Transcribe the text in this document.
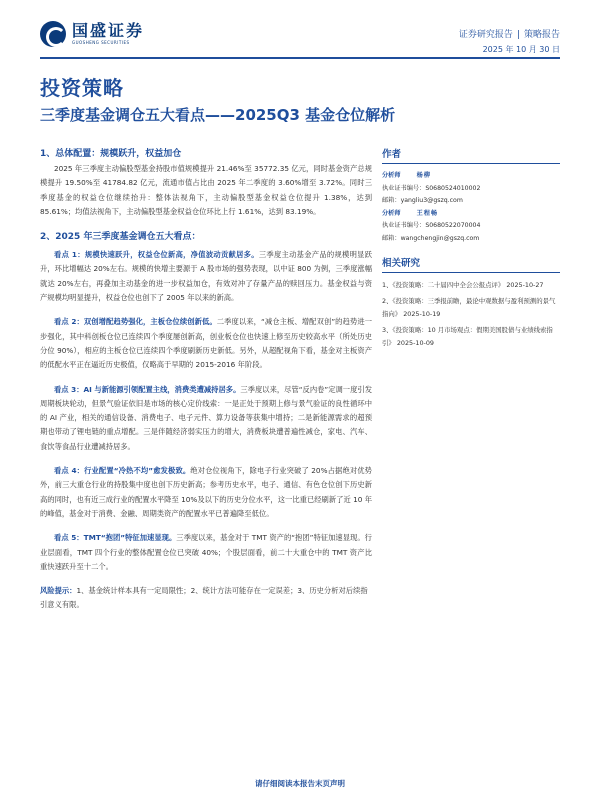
国盛证券
GUOSHENG SECURITIES
证券研究报告 | 策略报告
2025 年 10 月 30 日
投资策略
三季度基金调仓五大看点——2025Q3 基金仓位解析
1、总体配置：规模跃升，权益加仓

2025 年三季度主动偏股型基金持股市值规模提升 21.46%至 35772.35 亿元，同时基金资产总规模提升 19.50%至 41784.82 亿元，流通市值占比由 2025 年二季度的 3.60%增至 3.72%。同时三季度基金的权益仓位继续抬升：整体法视角下，主动偏股型基金权益仓位提升 1.38%，达到 85.61%；均值法视角下，主动偏股型基金权益仓位环比上行 1.61%，达到 83.19%。

2、2025 年三季度基金调仓五大看点：

看点 1：规模快速跃升，权益仓位新高，净值波动贡献居多。三季度主动基金产品的规模明显跃升，环比增幅达 20%左右。规模的快增主要源于 A 股市场的强势表现，以中证 800 为例，三季度涨幅就达 20%左右，再叠加主动基金的进一步权益加仓，有效对冲了存量产品的赎回压力。基金权益与资产规模均明显提升，权益仓位也创下了 2005 年以来的新高。

看点 2：双创增配趋势强化，主板仓位续创新低。二季度以来，“减仓主板、增配双创”的趋势进一步强化，其中科创板仓位已连续四个季度屡创新高，创业板仓位也快速上修至历史较高水平（所处历史分位 90%），相应的主板仓位已连续四个季度刷新历史新低。另外，从超配视角下看，基金对主板资产的低配水平正在逼近历史极值，仅略高于早期的 2015-2016 年阶段。

看点 3：AI 与新能源引领配置主线，消费类遭减持居多。三季度以来，尽管“反内卷”定调一度引发周期板块轮动，但景气验证依旧是市场的核心定价线索：一是正处于预期上修与景气验证的良性循环中的 AI 产业，相关的通信设备、消费电子、电子元件、算力设备等获集中增持；二是新能源需求的超预期也带动了锂电链的重点增配。三是伴随经济弱实压力的增大，消费板块遭普遍性减仓，家电、汽车、食饮等食品行业遭减持居多。

看点 4：行业配置“冷热不均”愈发极致。绝对仓位视角下，除电子行业突破了 20%占据绝对优势外，前三大重仓行业的持股集中度也创下历史新高；参考历史水平，电子、通信、有色仓位创下历史新高的同时，也有近三成行业的配置水平降至 10%及以下的历史分位水平，这一比重已经刷新了近 10 年的峰值，基金对于消费、金融、周期类资产的配置水平已普遍降至低位。

看点 5：TMT“抱团”特征加速显现。三季度以来，基金对于 TMT 资产的“抱团”特征加速显现。行业层面看，TMT 四个行业的整体配置仓位已突破 40%；个股层面看，前二十大重仓中的 TMT 资产比重快速跃升至十二个。

风险提示：1、基金统计样本具有一定局限性；2、统计方法可能存在一定误差；3、历史分析对后续指引意义有限。

作者
分析师	杨柳
执业证书编号：S0680524010002
邮箱：yangliu3@gszq.com
分析师	王程畅
执业证书编号：S0680522070004
邮箱：wangchengjin@gszq.com
相关研究
1、《投资策略：二十届四中全会公报点评》 2025-10-27
2、《投资策略：三季报前瞻，最论中观数据与盈利预测的景气指向》 2025-10-19
3、《投资策略：10 月市场观点：假期美国股债与业绩线索指引》 2025-10-09
请仔细阅读本报告末页声明
